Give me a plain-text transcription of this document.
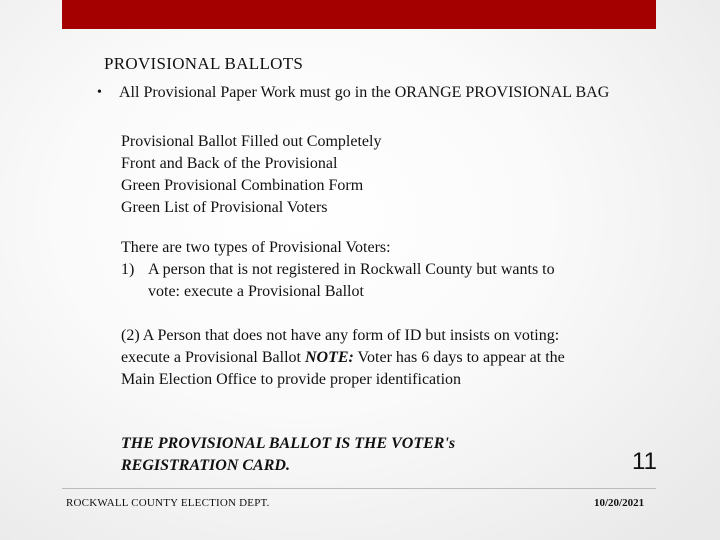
PROVISIONAL BALLOTS
• All Provisional Paper Work must go in the ORANGE PROVISIONAL BAG
Provisional Ballot Filled out Completely
Front and Back of the Provisional
Green Provisional Combination Form
Green List of Provisional Voters
There are two types of Provisional Voters:
1) A person that is not registered in Rockwall County but wants to vote: execute a Provisional Ballot
(2) A Person that does not have any form of ID but insists on voting: execute a Provisional Ballot NOTE: Voter has 6 days to appear at the Main Election Office to provide proper identification
THE PROVISIONAL BALLOT IS THE VOTER's REGISTRATION CARD.	11
ROCKWALL COUNTY ELECTION DEPT.	10/20/2021
